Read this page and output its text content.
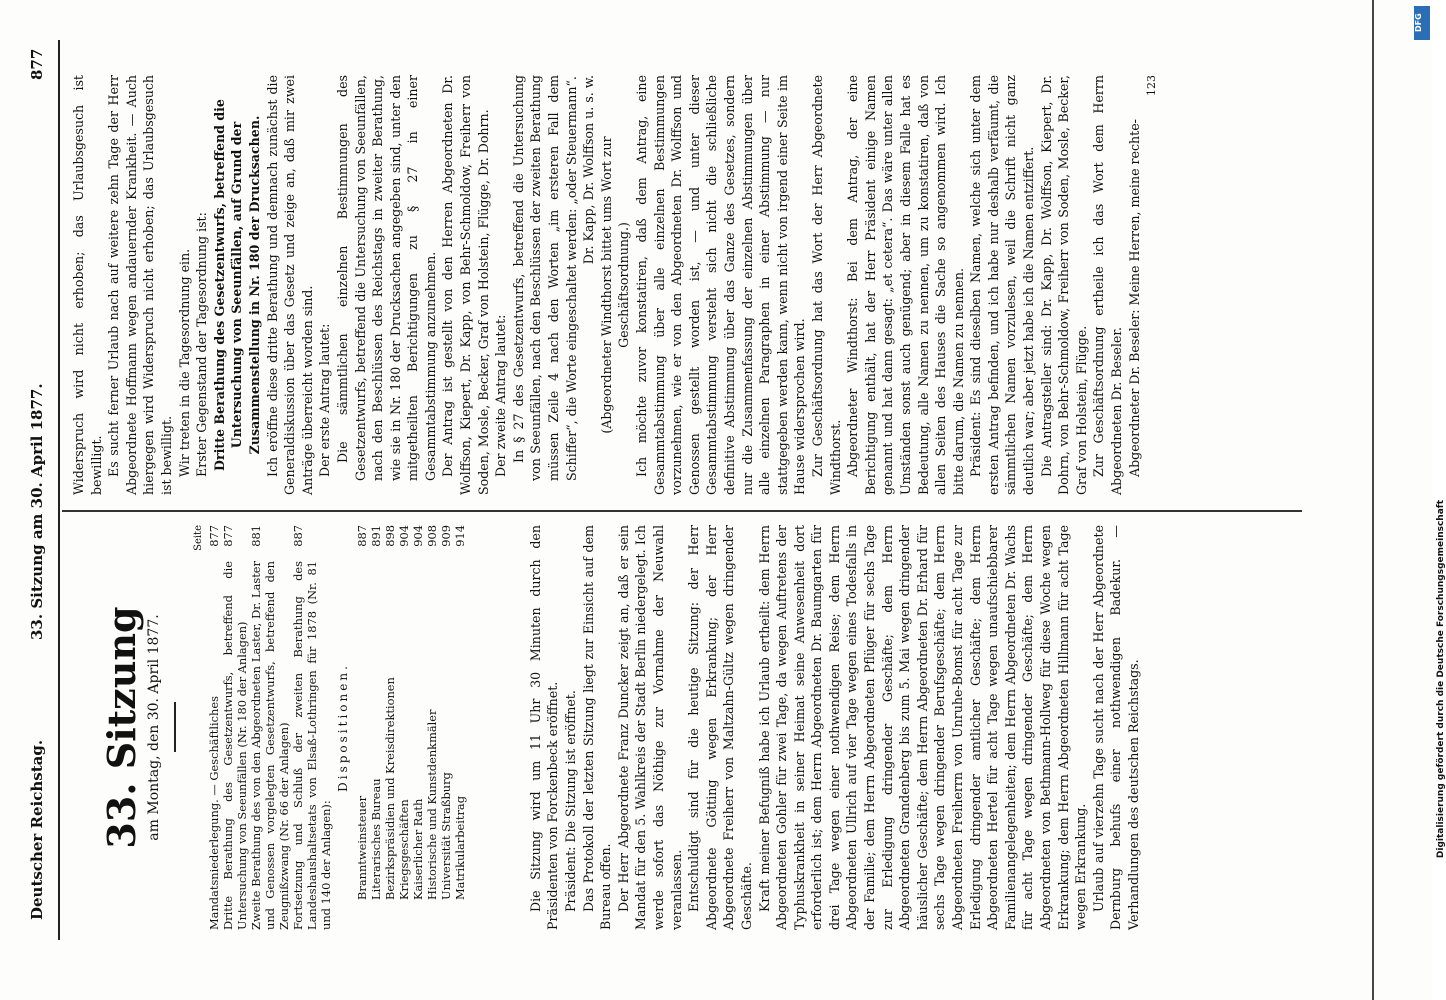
Deutscher Reichstag.
33. Sitzung am 30. April 1877.
877
33. Sitzung am Montag, den 30. April 1877.
Seite
Mandatsniederlegung. — Geschäftliches	877
Dritte Berathung des Gesetzentwurfs, betreffend die Untersuchung von Seeunfällen (Nr. 180 der Anlagen)	877
Zweite Berathung des von den Abgeordneten Laster, Dr. Laster und Genossen vorgelegten Gesetzentwurfs, betreffend den Zeugnißzwang (Nr. 66 der Anlagen)	881
Fortsetzung und Schluß der zweiten Berathung des Landeshaushaltsetats von Elsaß-Lothringen für 1878 (Nr. 81 und 140 der Anlagen):	887
Dispositionen.
Branntweinsteuer	887
Literarisches Bureau	891
Bezirkspräsidien und Kreisdirektionen	898
Kriegsgeschäften	904
Kaiserlicher Rath	904
Historische und Kunstdenkmäler	908
Universität Straßburg	909
Matrikularbeitrag	914	Die Sitzung wird um 11 Uhr 30 Minuten durch den Präsidenten von Forckenbeck eröffnet. Präsident: Die Sitzung ist eröffnet. Das Protokoll der letzten Sitzung liegt zur Einsicht auf dem Bureau offen. Der Herr Abgeordnete Franz Duncker zeigt an, daß er sein Mandat für den 5. Wahlkreis der Stadt Berlin niedergelegt. Ich werde sofort das Nöthige zur Vornahme der Neuwahl veranlassen. Entschuldigt sind für die heutige Sitzung: der Herr Abgeordnete Götting wegen Erkrankung; der Herr Abgeordnete Freiherr von Maltzahn-Gültz wegen dringender Geschäfte. Kraft meiner Befugniß habe ich Urlaub ertheilt: dem Herrn Abgeordneten Gohler für zwei Tage, da wegen Auftretens der Typhuskrankheit in seiner Heimat seine Anwesenheit dort erforderlich ist; dem Herrn Abgeordneten Dr. Baumgarten für drei Tage wegen einer nothwendigen Reise; dem Herrn Abgeordneten Ullrich auf vier Tage wegen eines Todesfalls in der Familie; dem Herrn Abgeordneten Pflüger für sechs Tage zur Erledigung dringender Geschäfte; dem Herrn Abgeordneten Grandenberg bis zum 5. Mai wegen dringender häuslicher Geschäfte; dem Herrn Abgeordneten Dr. Erhard für sechs Tage wegen dringender Berufsgeschäfte; dem Herrn Abgeordneten Freiherrn von Unruhe-Bomst für acht Tage zur Erledigung dringender amtlicher Geschäfte; dem Herrn Abgeordneten Hertel für acht Tage wegen unaufschiebbarer Familienangelegenheiten; dem Herrn Abgeordneten Dr. Wachs für acht Tage wegen dringender Geschäfte; dem Herrn Abgeordneten von Bethmann-Hollweg für diese Woche wegen Erkrankung; dem Herrn Abgeordneten Hillmann für acht Tage wegen Erkrankung. Urlaub auf vierzehn Tage sucht nach der Herr Abgeordnete Dernburg behufs einer nothwendigen Badekur. — Verhandlungen des deutschen Reichstags.

Widerspruch wird nicht erhoben; das Urlaubsgesuch ist bewilligt. Es sucht ferner Urlaub nach auf weitere zehn Tage der Herr Abgeordnete Hoffmann wegen andauernder Krankheit. — Auch hiergegen wird Widerspruch nicht erhoben; das Urlaubsgesuch ist bewilligt. Wir treten in die Tagesordnung ein. Erster Gegenstand der Tagesordnung ist: Dritte Berathung des Gesetzentwurfs, betreffend die Untersuchung von Seeunfällen, auf Grund der Zusammenstellung in Nr. 180 der Drucksachen. Ich eröffne diese dritte Berathung und demnach zunächst die Generaldiskussion über das Gesetz und zeige an, daß mir zwei Anträge überreicht worden sind. Der erste Antrag lautet: Die sämmtlichen einzelnen Bestimmungen des Gesetzentwurfs, betreffend die Untersuchung von Seeunfällen, nach den Beschlüssen des Reichstags in zweiter Berathung, wie sie in Nr. 180 der Drucksachen angegeben sind, unter den mitgetheilten Berichtigungen zu § 27 in einer Gesammtabstimmung anzunehmen. Der Antrag ist gestellt von den Herren Abgeordneten Dr. Wolffson, Kiepert, Dr. Kapp, von Behr-Schmoldow, Freiherr von Soden, Mosle, Becker, Graf von Holstein, Flügge, Dr. Dohrn. Der zweite Antrag lautet: In § 27 des Gesetzentwurfs, betreffend die Untersuchung von Seeunfällen, nach den Beschlüssen der zweiten Berathung müssen Zeile 4 nach den Worten „im ersteren Fall dem Schiffer“, die Worte eingeschaltet werden: „oder Steuermann“. Dr. Kapp, Dr. Wolffson u. s. w. (Abgeordneter Windthorst bittet ums Wort zur Geschäftsordnung.) Ich möchte zuvor konstatiren, daß dem Antrag, eine Gesammtabstimmung über alle einzelnen Bestimmungen vorzunehmen, wie er von den Abgeordneten Dr. Wolffson und Genossen gestellt worden ist, — und unter dieser Gesammtabstimmung versteht sich nicht die schließliche definitive Abstimmung über das Ganze des Gesetzes, sondern nur die Zusammenfassung der einzelnen Abstimmungen über alle einzelnen Paragraphen in einer Abstimmung — nur stattgegeben werden kann, wenn nicht von irgend einer Seite im Hause widersprochen wird. Zur Geschäftsordnung hat das Wort der Herr Abgeordnete Windthorst. Abgeordneter Windthorst: Bei dem Antrag, der eine Berichtigung enthält, hat der Herr Präsident einige Namen genannt und hat dann gesagt: „et cetera“. Das wäre unter allen Umständen sonst auch genügend; aber in diesem Falle hat es Bedeutung, alle Namen zu nennen, um zu konstatiren, daß von allen Seiten des Hauses die Sache so angenommen wird. Ich bitte darum, die Namen zu nennen. Präsident: Es sind dieselben Namen, welche sich unter dem ersten Antrag befinden, und ich habe nur deshalb verfäumt, die sämmtlichen Namen vorzulesen, weil die Schrift nicht ganz deutlich war; aber jetzt habe ich die Namen entziffert. Die Antragsteller sind: Dr. Kapp, Dr. Wolffson, Kiepert, Dr. Dohrn, von Behr-Schmoldow, Freiherr von Soden, Mosle, Becker, Graf von Holstein, Flügge. Zur Geschäftsordnung ertheile ich das Wort dem Herrn Abgeordneten Dr. Beseler. Abgeordneter Dr. Beseler: Meine Herren, meine rechte-

123

DFG
Digitalisierung gefördert durch die Deutsche Forschungsgemeinschaft
